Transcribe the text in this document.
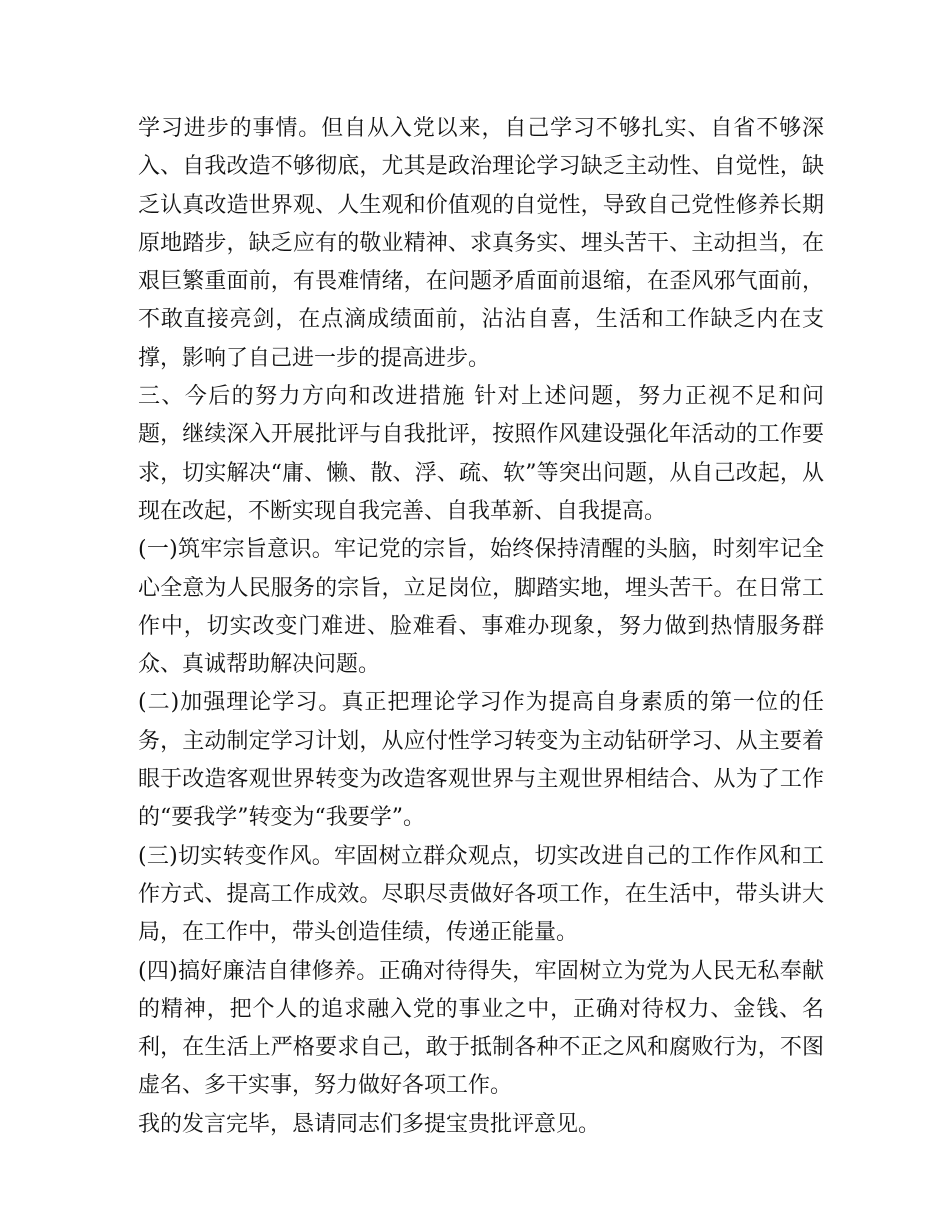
学习进步的事情。但自从入党以来，自己学习不够扎实、自省不够深入、自我改造不够彻底，尤其是政治理论学习缺乏主动性、自觉性，缺乏认真改造世界观、人生观和价值观的自觉性，导致自己党性修养长期原地踏步，缺乏应有的敬业精神、求真务实、埋头苦干、主动担当，在艰巨繁重面前，有畏难情绪，在问题矛盾面前退缩，在歪风邪气面前，不敢直接亮剑，在点滴成绩面前，沾沾自喜，生活和工作缺乏内在支撑，影响了自己进一步的提高进步。

三、今后的努力方向和改进措施 针对上述问题，努力正视不足和问题，继续深入开展批评与自我批评，按照作风建设强化年活动的工作要求，切实解决“庸、懒、散、浮、疏、软”等突出问题，从自己改起，从现在改起，不断实现自我完善、自我革新、自我提高。

(一)筑牢宗旨意识。牢记党的宗旨，始终保持清醒的头脑，时刻牢记全心全意为人民服务的宗旨，立足岗位，脚踏实地，埋头苦干。在日常工作中，切实改变门难进、脸难看、事难办现象，努力做到热情服务群众、真诚帮助解决问题。

(二)加强理论学习。真正把理论学习作为提高自身素质的第一位的任务，主动制定学习计划，从应付性学习转变为主动钻研学习、从主要着眼于改造客观世界转变为改造客观世界与主观世界相结合、从为了工作的“要我学”转变为“我要学”。

(三)切实转变作风。牢固树立群众观点，切实改进自己的工作作风和工作方式、提高工作成效。尽职尽责做好各项工作，在生活中，带头讲大局，在工作中，带头创造佳绩，传递正能量。

(四)搞好廉洁自律修养。正确对待得失，牢固树立为党为人民无私奉献的精神，把个人的追求融入党的事业之中，正确对待权力、金钱、名利，在生活上严格要求自己，敢于抵制各种不正之风和腐败行为，不图虚名、多干实事，努力做好各项工作。

我的发言完毕，恳请同志们多提宝贵批评意见。
